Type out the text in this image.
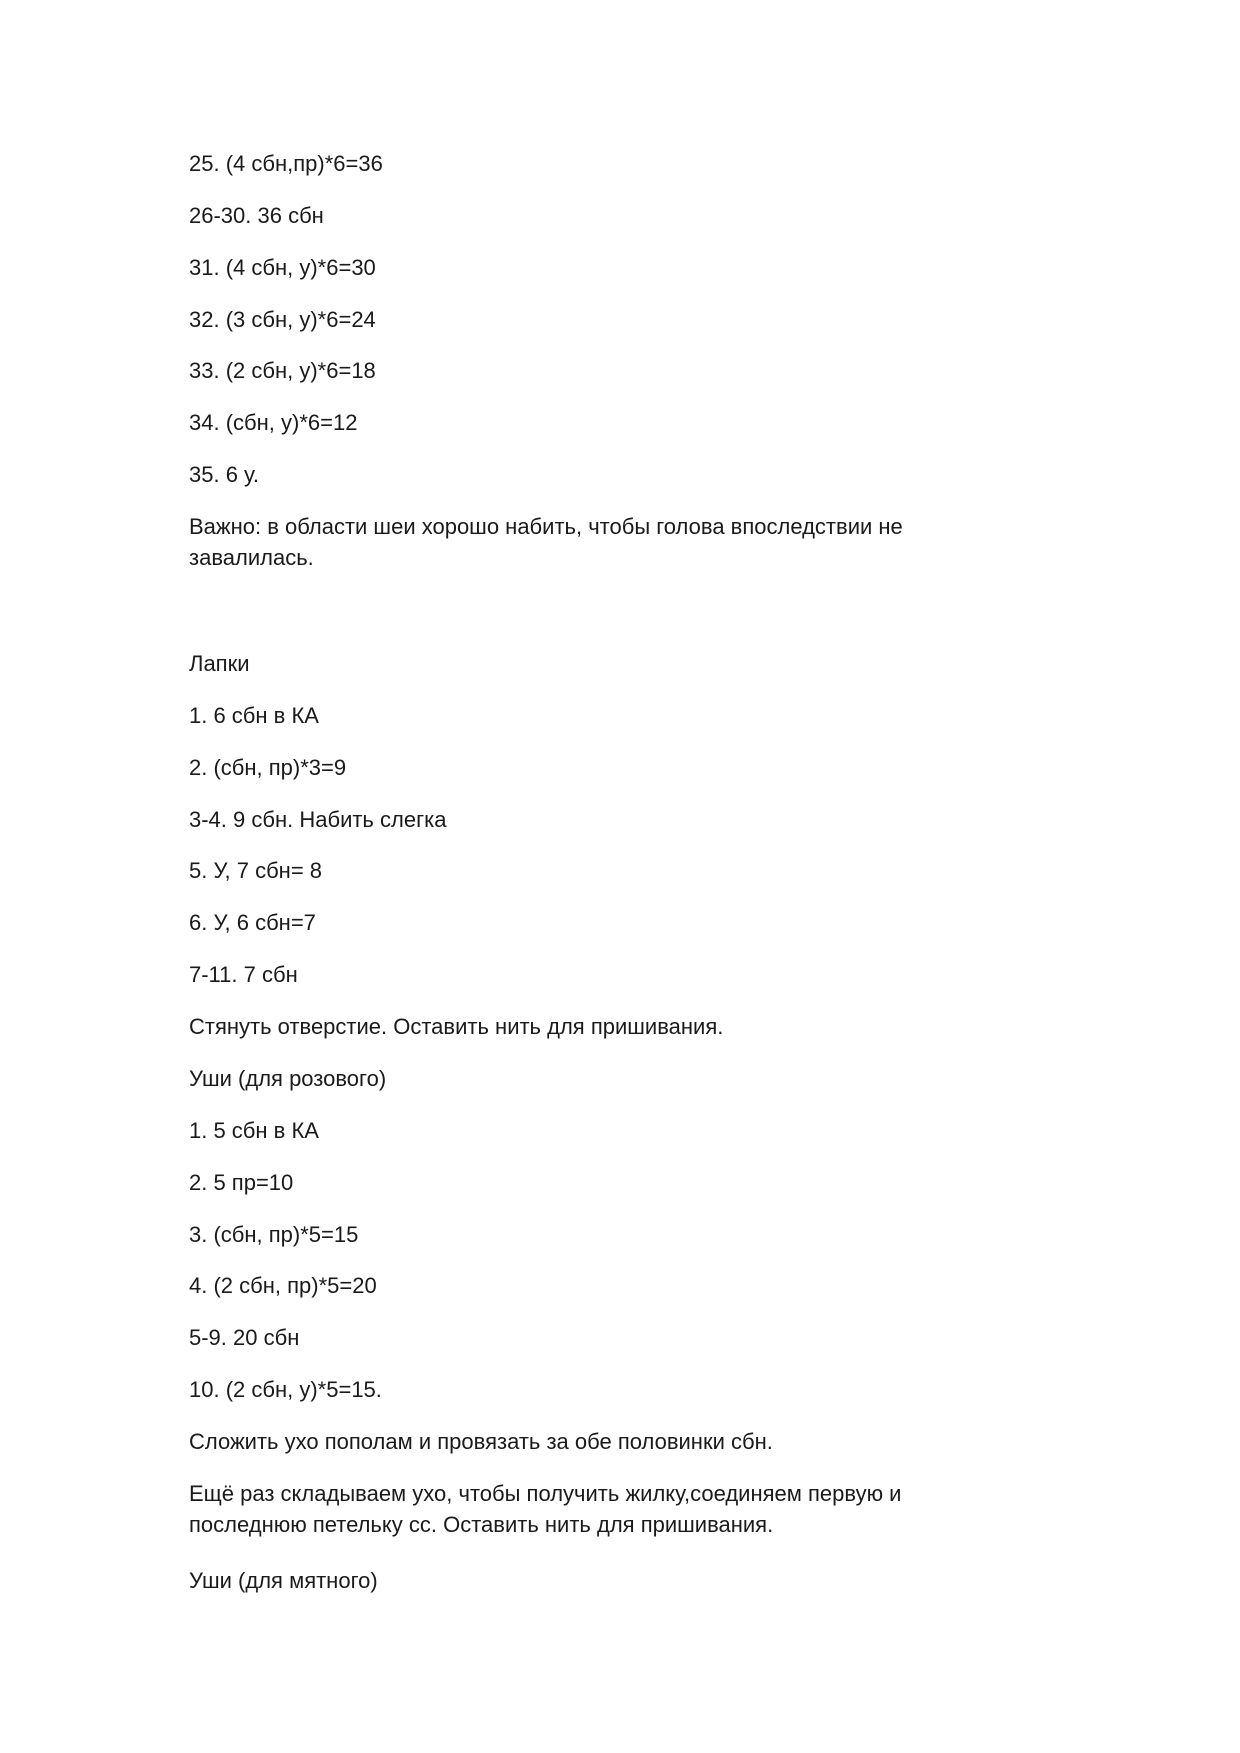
25. (4 сбн,пр)*6=36

26-30. 36 сбн

31. (4 сбн, у)*6=30

32. (3 сбн, у)*6=24

33. (2 сбн, у)*6=18

34. (сбн, у)*6=12

35. 6 у.

Важно: в области шеи хорошо набить, чтобы голова впоследствии не завалилась.

Лапки

1. 6 сбн в КА

2. (сбн, пр)*3=9

3-4. 9 сбн. Набить слегка

5. У, 7 сбн= 8

6. У, 6 сбн=7

7-11. 7 сбн

Стянуть отверстие. Оставить нить для пришивания.

Уши (для розового)

1. 5 сбн в КА

2. 5 пр=10

3. (сбн, пр)*5=15

4. (2 сбн, пр)*5=20

5-9. 20 сбн

10. (2 сбн, у)*5=15.

Сложить ухо пополам и провязать за обе половинки сбн.

Ещё раз складываем ухо, чтобы получить жилку,соединяем первую и последнюю петельку сс. Оставить нить для пришивания.

Уши (для мятного)
